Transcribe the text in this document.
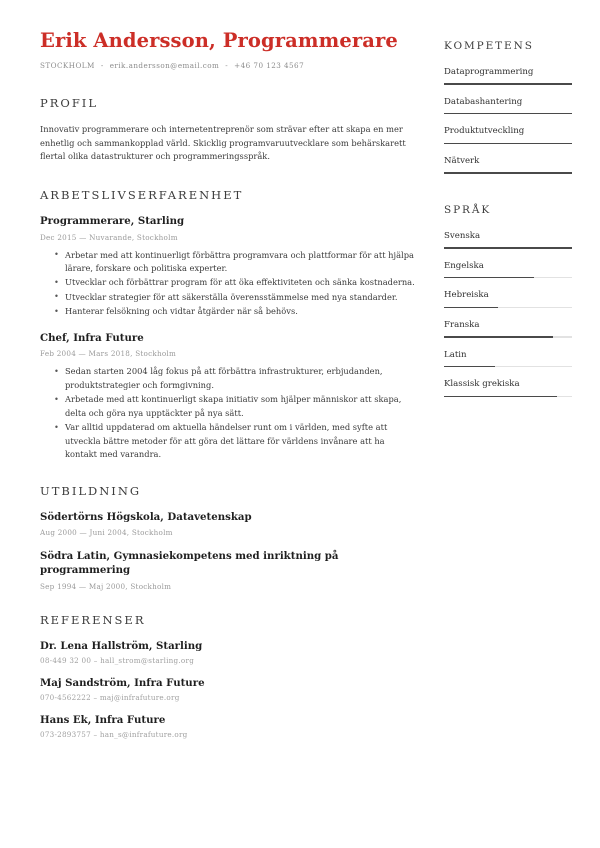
Erik Andersson, Programmerare

STOCKHOLM - erik.andersson@email.com - +46 70 123 4567

PROFIL

Innovativ programmerare och internetentreprenör som strävar efter att skapa en mer enhetlig och sammankopplad värld. Skicklig programvaruutvecklare som behärskarett flertal olika datastrukturer och programmeringsspråk.

ARBETSLIVSERFARENHET
Programmerare, Starling

Dec 2015 — Nuvarande, Stockholm

• Arbetar med att kontinuerligt förbättra programvara och plattformar för att hjälpa lärare, forskare och politiska experter.
• Utvecklar och förbättrar program för att öka effektiviteten och sänka kostnaderna.
• Utvecklar strategier för att säkerställa överensstämmelse med nya standarder.
• Hanterar felsökning och vidtar åtgärder när så behövs.
Chef, Infra Future

Feb 2004 — Mars 2018, Stockholm

• Sedan starten 2004 låg fokus på att förbättra infrastrukturer, erbjudanden, produktstrategier och formgivning.
• Arbetade med att kontinuerligt skapa initiativ som hjälper människor att skapa, delta och göra nya upptäckter på nya sätt.
• Var alltid uppdaterad om aktuella händelser runt om i världen, med syfte att utveckla bättre metoder för att göra det lättare för världens invånare att ha kontakt med varandra.
UTBILDNING
Södertörns Högskola, Datavetenskap

Aug 2000 — Juni 2004, Stockholm

Södra Latin, Gymnasiekompetens med inriktning på programmering

Sep 1994 — Maj 2000, Stockholm

REFERENSER
Dr. Lena Hallström, Starling

08-449 32 00 – hall_strom@starling.org

Maj Sandström, Infra Future

070-4562222 – maj@infrafuture.org

Hans Ek, Infra Future

073-2893757 – han_s@infrafuture.org

KOMPETENS

Dataprogrammering

Databashantering

Produktutveckling

Nätverk

SPRÅK

Svenska

Engelska

Hebreiska

Franska

Latin

Klassisk grekiska
